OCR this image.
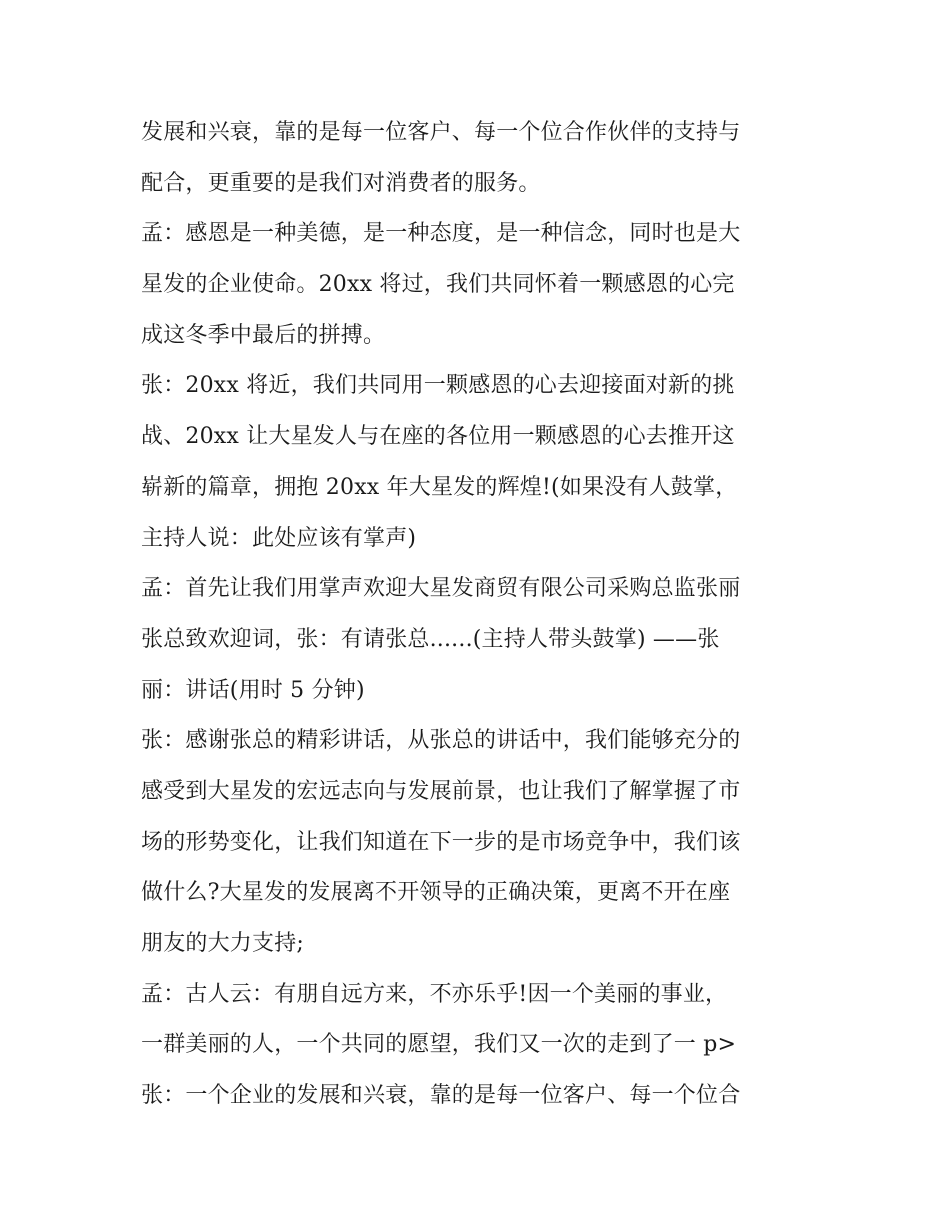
发展和兴衰，靠的是每一位客户、每一个位合作伙伴的支持与
配合，更重要的是我们对消费者的服务。
孟：感恩是一种美德，是一种态度，是一种信念，同时也是大
星发的企业使命。20xx 将过，我们共同怀着一颗感恩的心完
成这冬季中最后的拼搏。
张：20xx 将近，我们共同用一颗感恩的心去迎接面对新的挑
战、20xx 让大星发人与在座的各位用一颗感恩的心去推开这
崭新的篇章，拥抱 20xx 年大星发的辉煌!(如果没有人鼓掌，
主持人说：此处应该有掌声)
孟：首先让我们用掌声欢迎大星发商贸有限公司采购总监张丽
张总致欢迎词，张：有请张总......(主持人带头鼓掌) ——张
丽：讲话(用时 5 分钟)
张：感谢张总的精彩讲话，从张总的讲话中，我们能够充分的
感受到大星发的宏远志向与发展前景，也让我们了解掌握了市
场的形势变化，让我们知道在下一步的是市场竞争中，我们该
做什么?大星发的发展离不开领导的正确决策，更离不开在座
朋友的大力支持;
孟：古人云：有朋自远方来，不亦乐乎!因一个美丽的事业，
一群美丽的人，一个共同的愿望，我们又一次的走到了一 p>
张：一个企业的发展和兴衰，靠的是每一位客户、每一个位合
